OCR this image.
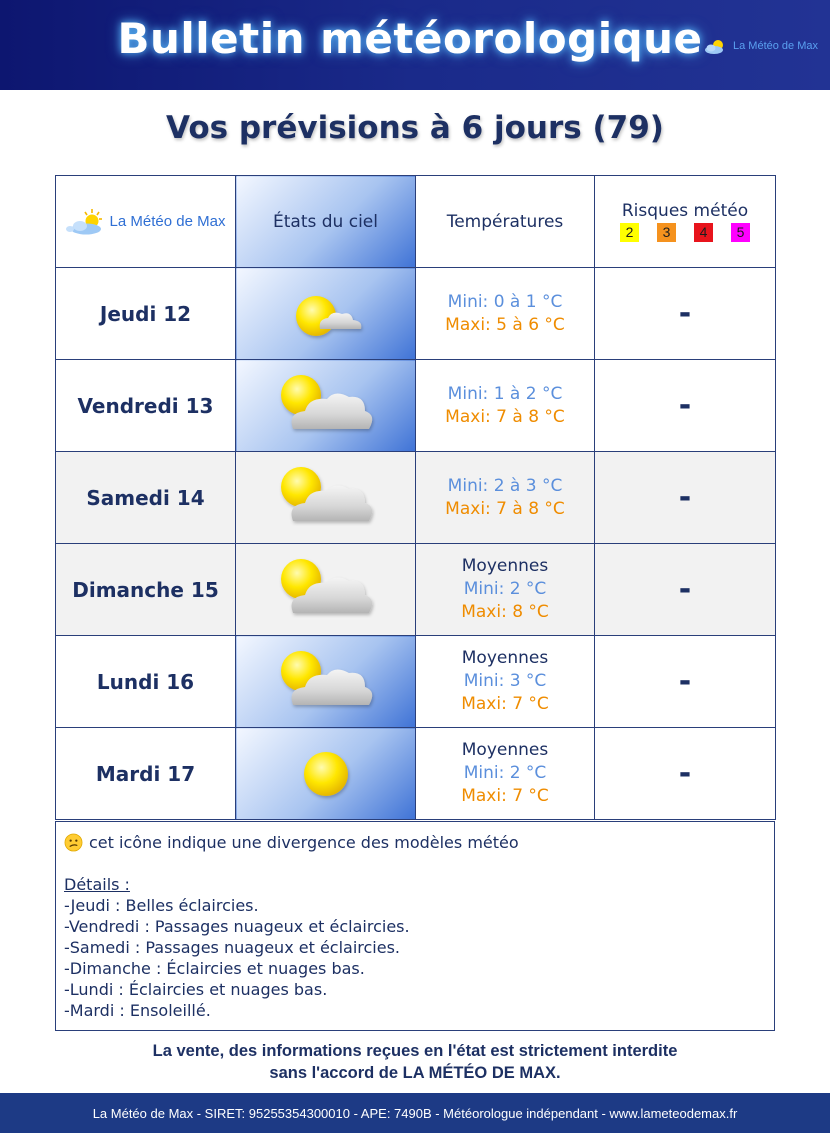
Bulletin météorologique	La Météo de Max
Vos prévisions à 6 jours (79)
La Météo de Max	États du ciel	Températures	Risques météo
2 3 4 5

Jeudi 12		Mini: 0 à 1 °C
Maxi: 5 à 6 °C	-
Vendredi 13		Mini: 1 à 2 °C
Maxi: 7 à 8 °C	-
Samedi 14		Mini: 2 à 3 °C
Maxi: 7 à 8 °C	-
Dimanche 15		Moyennes
Mini: 2 °C
Maxi: 8 °C	-
Lundi 16		Moyennes
Mini: 3 °C
Maxi: 7 °C	-
Mardi 17		Moyennes
Mini: 2 °C
Maxi: 7 °C	-
cet icône indique une divergence des modèles météo
Détails :
-Jeudi : Belles éclaircies.
-Vendredi : Passages nuageux et éclaircies.
-Samedi : Passages nuageux et éclaircies.
-Dimanche : Éclaircies et nuages bas.
-Lundi : Éclaircies et nuages bas.
-Mardi : Ensoleillé.
La vente, des informations reçues en l'état est strictement interdite
sans l'accord de LA MÉTÉO DE MAX.
La Météo de Max - SIRET: 95255354300010 - APE: 7490B - Météorologue indépendant - www.lameteodemax.fr
